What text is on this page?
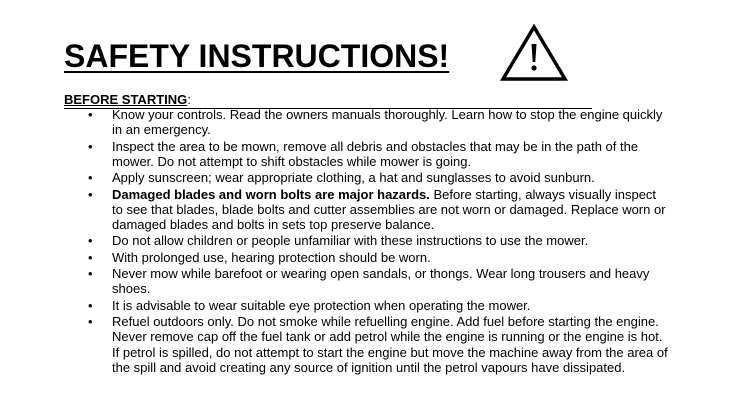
SAFETY INSTRUCTIONS!
BEFORE STARTING:
• Know your controls. Read the owners manuals thoroughly. Learn how to stop the engine quickly in an emergency.
• Inspect the area to be mown, remove all debris and obstacles that may be in the path of the mower. Do not attempt to shift obstacles while mower is going.
• Apply sunscreen; wear appropriate clothing, a hat and sunglasses to avoid sunburn.
• Damaged blades and worn bolts are major hazards. Before starting, always visually inspect to see that blades, blade bolts and cutter assemblies are not worn or damaged. Replace worn or damaged blades and bolts in sets top preserve balance.
• Do not allow children or people unfamiliar with these instructions to use the mower.
• With prolonged use, hearing protection should be worn.
• Never mow while barefoot or wearing open sandals, or thongs. Wear long trousers and heavy shoes.
• It is advisable to wear suitable eye protection when operating the mower.
• Refuel outdoors only. Do not smoke while refuelling engine. Add fuel before starting the engine. Never remove cap off the fuel tank or add petrol while the engine is running or the engine is hot. If petrol is spilled, do not attempt to start the engine but move the machine away from the area of the spill and avoid creating any source of ignition until the petrol vapours have dissipated.
